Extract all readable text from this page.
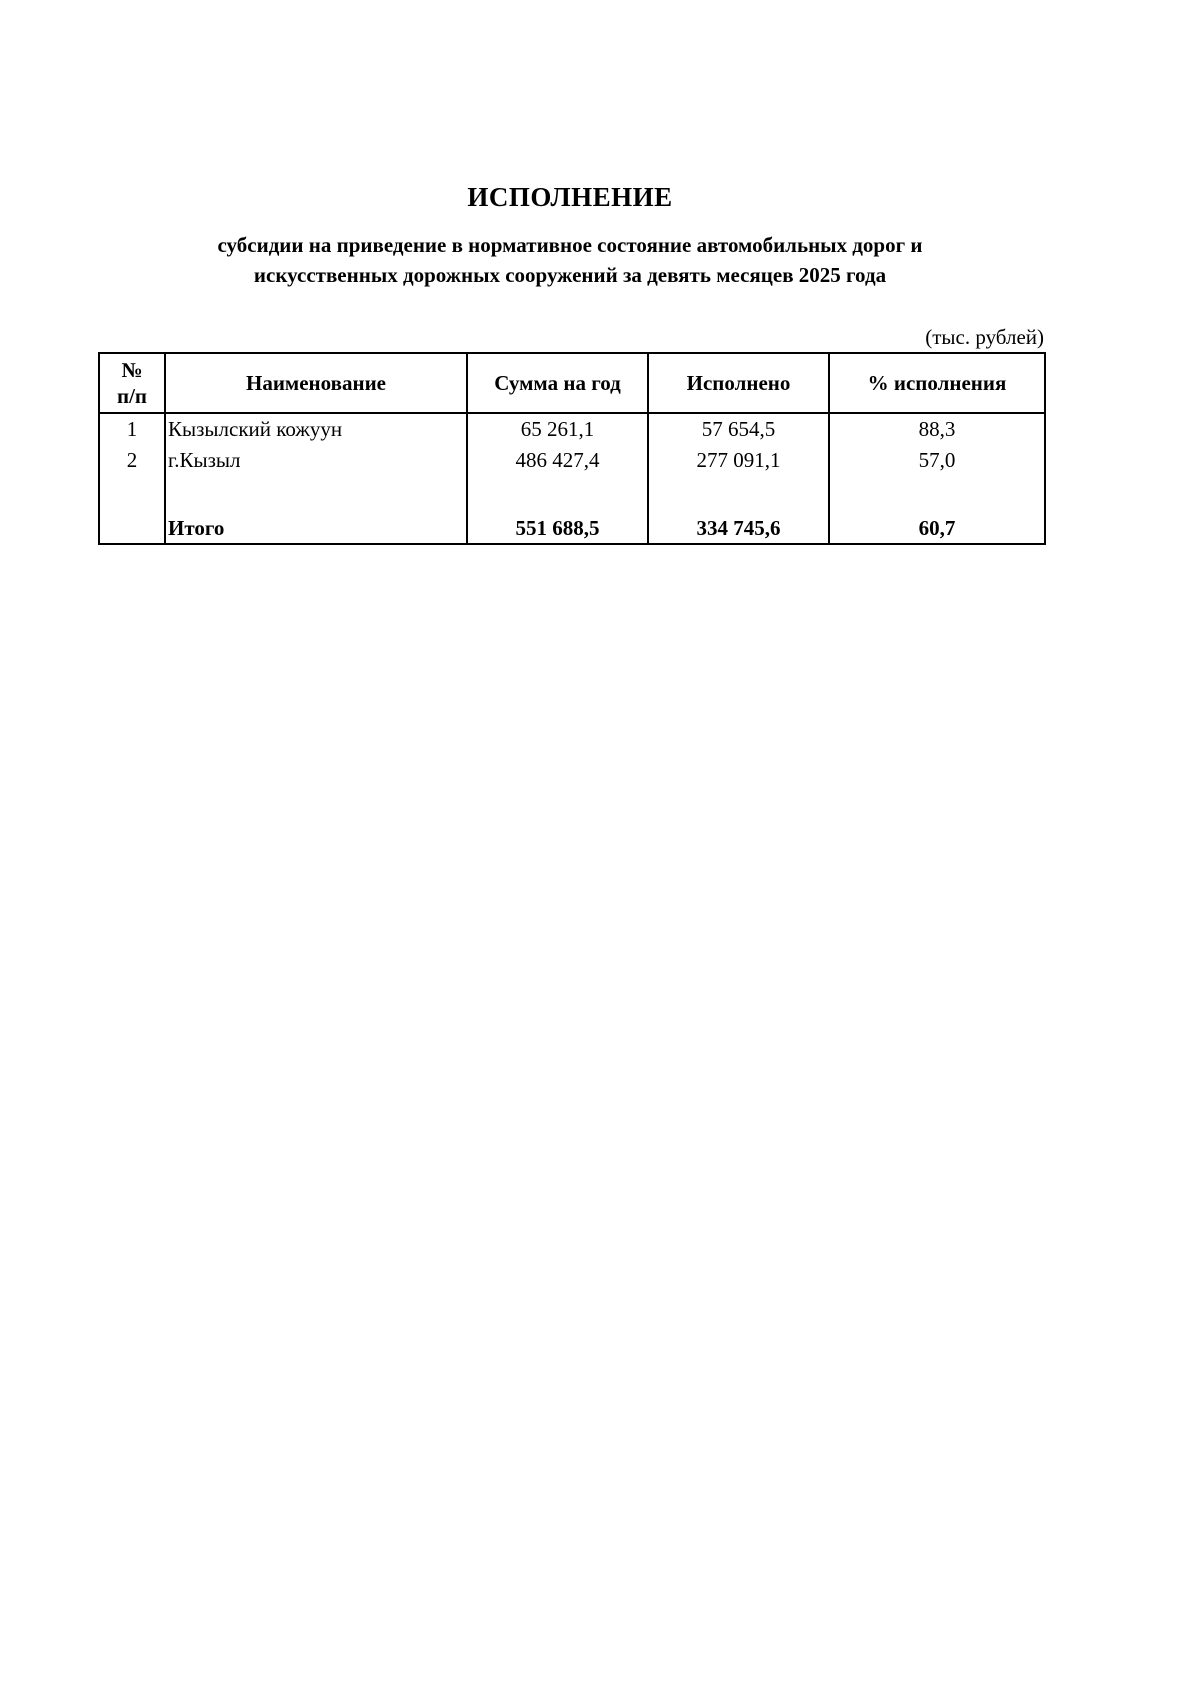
ИСПОЛНЕНИЕ
субсидии на приведение в нормативное состояние автомобильных дорог и
искусственных дорожных сооружений за девять месяцев 2025 года
(тыс. рублей)
№
п/п	Наименование	Сумма на год	Исполнено	% исполнения
1	Кызылский кожуун	65 261,1	57 654,5	88,3
2	г.Кызыл	486 427,4	277 091,1	57,0

	Итого	551 688,5	334 745,6	60,7
